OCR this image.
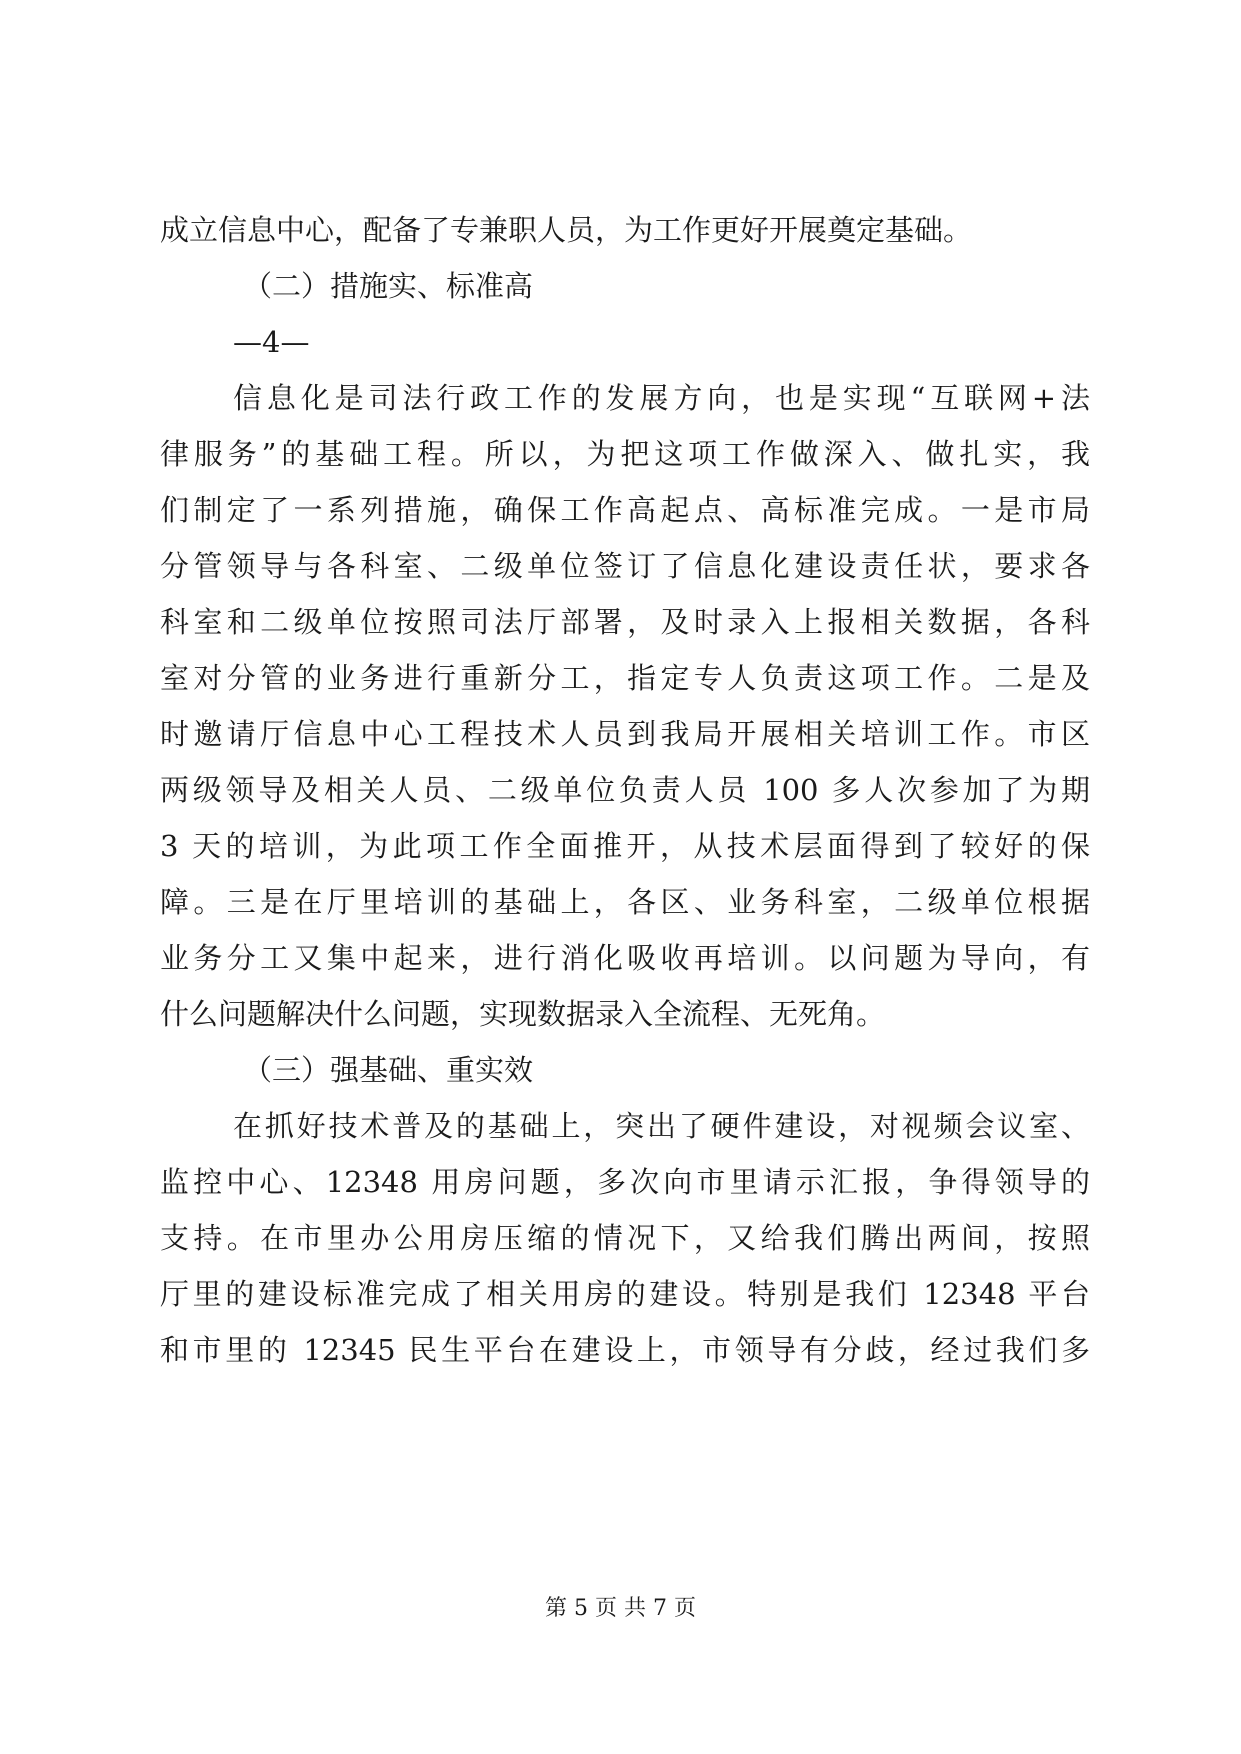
成立信息中心，配备了专兼职人员，为工作更好开展奠定基础。
（二）措施实、标准高
—4—
信息化是司法行政工作的发展方向，也是实现“互联网+法
律服务”的基础工程。所以，为把这项工作做深入、做扎实，我
们制定了一系列措施，确保工作高起点、高标准完成。一是市局
分管领导与各科室、二级单位签订了信息化建设责任状，要求各
科室和二级单位按照司法厅部署，及时录入上报相关数据，各科
室对分管的业务进行重新分工，指定专人负责这项工作。二是及
时邀请厅信息中心工程技术人员到我局开展相关培训工作。市区
两级领导及相关人员、二级单位负责人员 100 多人次参加了为期
3 天的培训，为此项工作全面推开，从技术层面得到了较好的保
障。三是在厅里培训的基础上，各区、业务科室，二级单位根据
业务分工又集中起来，进行消化吸收再培训。以问题为导向，有
什么问题解决什么问题，实现数据录入全流程、无死角。
（三）强基础、重实效
在抓好技术普及的基础上，突出了硬件建设，对视频会议室、
监控中心、12348 用房问题，多次向市里请示汇报，争得领导的
支持。在市里办公用房压缩的情况下，又给我们腾出两间，按照
厅里的建设标准完成了相关用房的建设。特别是我们 12348 平台
和市里的 12345 民生平台在建设上，市领导有分歧，经过我们多
第 5 页 共 7 页
